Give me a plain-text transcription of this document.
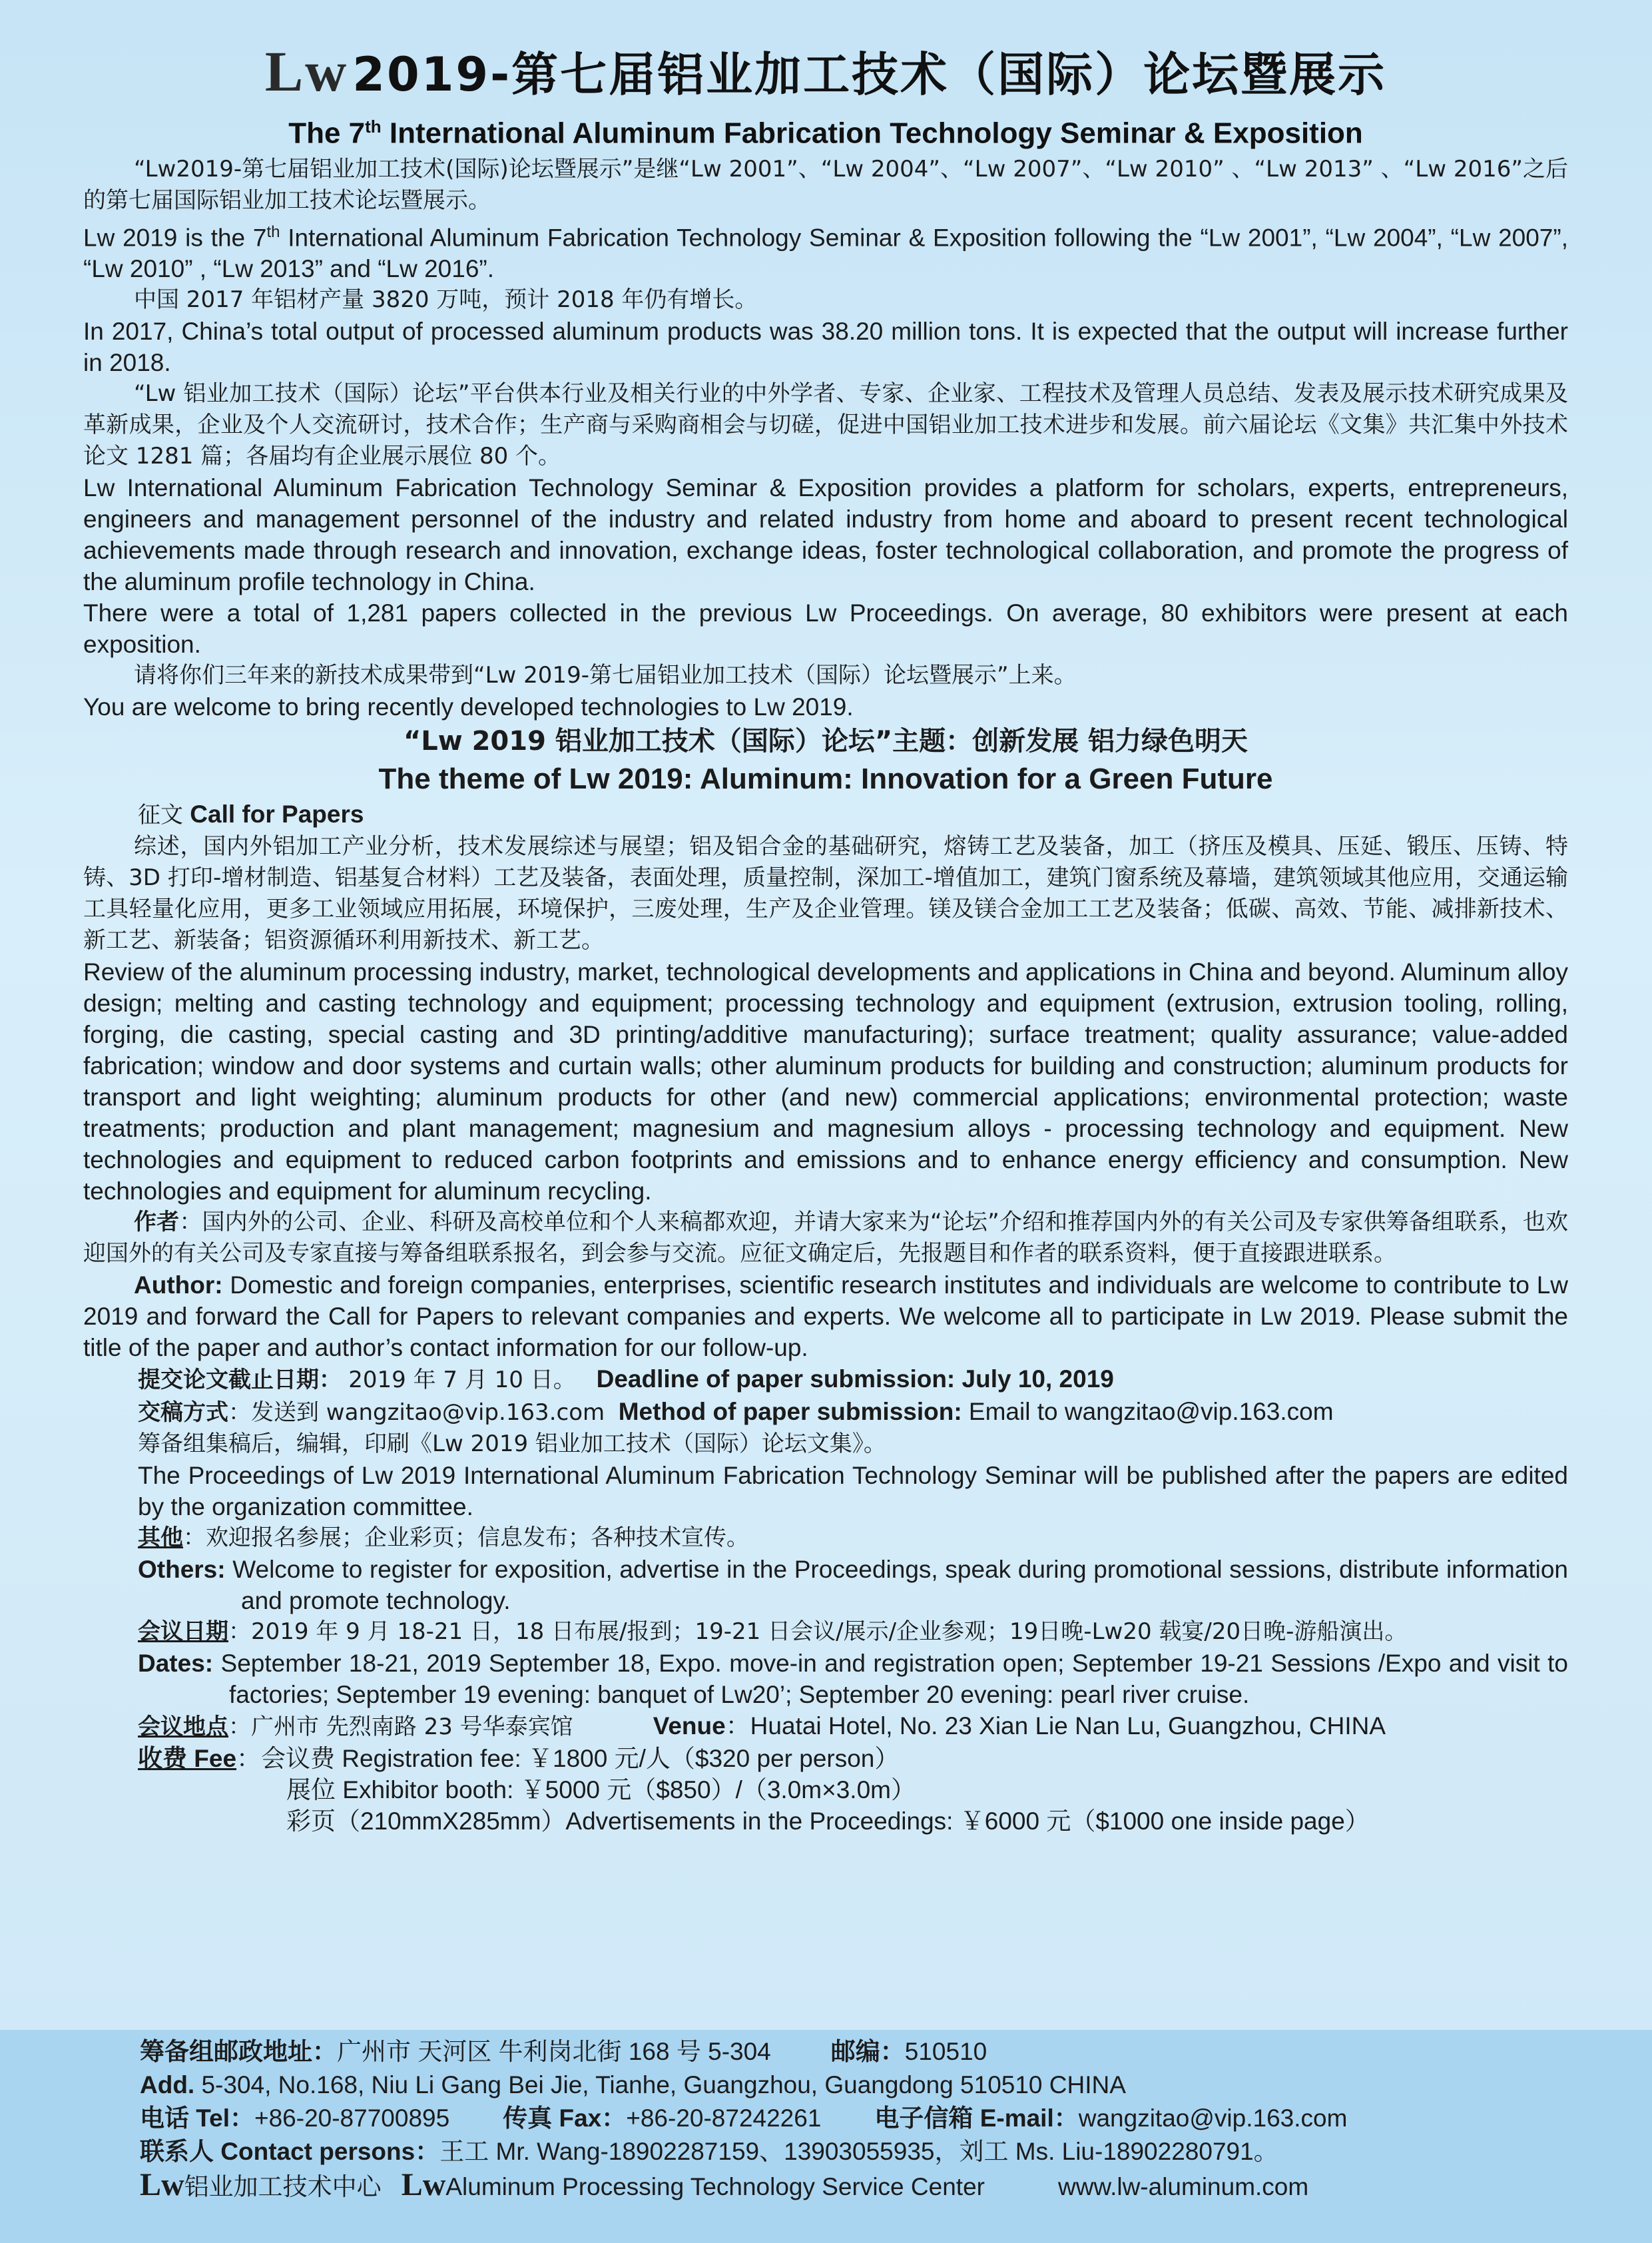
Lw2019-第七届铝业加工技术（国际）论坛暨展示
The 7th International Aluminum Fabrication Technology Seminar & Exposition

“Lw2019-第七届铝业加工技术(国际)论坛暨展示”是继“Lw 2001”、“Lw 2004”、“Lw 2007”、“Lw 2010” 、“Lw 2013” 、“Lw 2016”之后的第七届国际铝业加工技术论坛暨展示。

Lw 2019 is the 7th International Aluminum Fabrication Technology Seminar & Exposition following the “Lw 2001”, “Lw 2004”, “Lw 2007”, “Lw 2010” , “Lw 2013” and “Lw 2016”.

中国 2017 年铝材产量 3820 万吨，预计 2018 年仍有增长。

In 2017, China’s total output of processed aluminum products was 38.20 million tons. It is expected that the output will increase further in 2018.

“Lw 铝业加工技术（国际）论坛”平台供本行业及相关行业的中外学者、专家、企业家、工程技术及管理人员总结、发表及展示技术研究成果及革新成果，企业及个人交流研讨，技术合作；生产商与采购商相会与切磋，促进中国铝业加工技术进步和发展。前六届论坛《文集》共汇集中外技术论文 1281 篇；各届均有企业展示展位 80 个。

Lw International Aluminum Fabrication Technology Seminar & Exposition provides a platform for scholars, experts, entrepreneurs, engineers and management personnel of the industry and related industry from home and aboard to present recent technological achievements made through research and innovation, exchange ideas, foster technological collaboration, and promote the progress of the aluminum profile technology in China.

There were a total of 1,281 papers collected in the previous Lw Proceedings. On average, 80 exhibitors were present at each exposition.

请将你们三年来的新技术成果带到“Lw 2019-第七届铝业加工技术（国际）论坛暨展示”上来。

You are welcome to bring recently developed technologies to Lw 2019.

“Lw 2019 铝业加工技术（国际）论坛”主题：创新发展 铝力绿色明天
The theme of Lw 2019: Aluminum: Innovation for a Green Future

征文 Call for Papers

综述，国内外铝加工产业分析，技术发展综述与展望；铝及铝合金的基础研究，熔铸工艺及装备，加工（挤压及模具、压延、锻压、压铸、特铸、3D 打印-增材制造、铝基复合材料）工艺及装备，表面处理，质量控制，深加工-增值加工，建筑门窗系统及幕墙，建筑领域其他应用，交通运输工具轻量化应用，更多工业领域应用拓展，环境保护，三废处理，生产及企业管理。镁及镁合金加工工艺及装备；低碳、高效、节能、减排新技术、新工艺、新装备；铝资源循环利用新技术、新工艺。

Review of the aluminum processing industry, market, technological developments and applications in China and beyond. Aluminum alloy design; melting and casting technology and equipment; processing technology and equipment (extrusion, extrusion tooling, rolling, forging, die casting, special casting and 3D printing/additive manufacturing); surface treatment; quality assurance; value-added fabrication; window and door systems and curtain walls; other aluminum products for building and construction; aluminum products for transport and light weighting; aluminum products for other (and new) commercial applications; environmental protection; waste treatments; production and plant management; magnesium and magnesium alloys - processing technology and equipment. New technologies and equipment to reduced carbon footprints and emissions and to enhance energy efficiency and consumption. New technologies and equipment for aluminum recycling.

作者：国内外的公司、企业、科研及高校单位和个人来稿都欢迎，并请大家来为“论坛”介绍和推荐国内外的有关公司及专家供筹备组联系，也欢迎国外的有关公司及专家直接与筹备组联系报名，到会参与交流。应征文确定后，先报题目和作者的联系资料，便于直接跟进联系。

Author: Domestic and foreign companies, enterprises, scientific research institutes and individuals are welcome to contribute to Lw 2019 and forward the Call for Papers to relevant companies and experts. We welcome all to participate in Lw 2019. Please submit the title of the paper and author’s contact information for our follow-up.

提交论文截止日期： 2019 年 7 月 10 日。 Deadline of paper submission: July 10, 2019

交稿方式：发送到 wangzitao@vip.163.com Method of paper submission: Email to wangzitao@vip.163.com

筹备组集稿后，编辑，印刷《Lw 2019 铝业加工技术（国际）论坛文集》。

The Proceedings of Lw 2019 International Aluminum Fabrication Technology Seminar will be published after the papers are edited by the organization committee.

其他：欢迎报名参展；企业彩页；信息发布；各种技术宣传。

Others: Welcome to register for exposition, advertise in the Proceedings, speak during promotional sessions, distribute information and promote technology.

会议日期：2019 年 9 月 18-21 日，18 日布展/报到；19-21 日会议/展示/企业参观；19日晚-Lw20 载宴/20日晚-游船演出。

Dates: September 18-21, 2019 September 18, Expo. move-in and registration open; September 19-21 Sessions /Expo and visit to factories; September 19 evening: banquet of Lw20’; September 20 evening: pearl river cruise.

会议地点：广州市 先烈南路 23 号华泰宾馆	Venue：Huatai Hotel, No. 23 Xian Lie Nan Lu, Guangzhou, CHINA

收费 Fee：会议费 Registration fee: ￥1800 元/人（$320 per person）

展位 Exhibitor booth: ￥5000 元（$850）/（3.0m×3.0m）

彩页（210mmX285mm）Advertisements in the Proceedings: ￥6000 元（$1000 one inside page）

筹备组邮政地址：广州市 天河区 牛利岗北街 168 号 5-304 邮编：510510
Add. 5-304, No.168, Niu Li Gang Bei Jie, Tianhe, Guangzhou, Guangdong 510510 CHINA
电话 Tel：+86-20-87700895 传真 Fax：+86-20-87242261 电子信箱 E-mail：wangzitao@vip.163.com
联系人 Contact persons：王工 Mr. Wang-18902287159、13903055935，刘工 Ms. Liu-18902280791。
Lw铝业加工技术中心 LwAluminum Processing Technology Service Center	www.lw-aluminum.com
